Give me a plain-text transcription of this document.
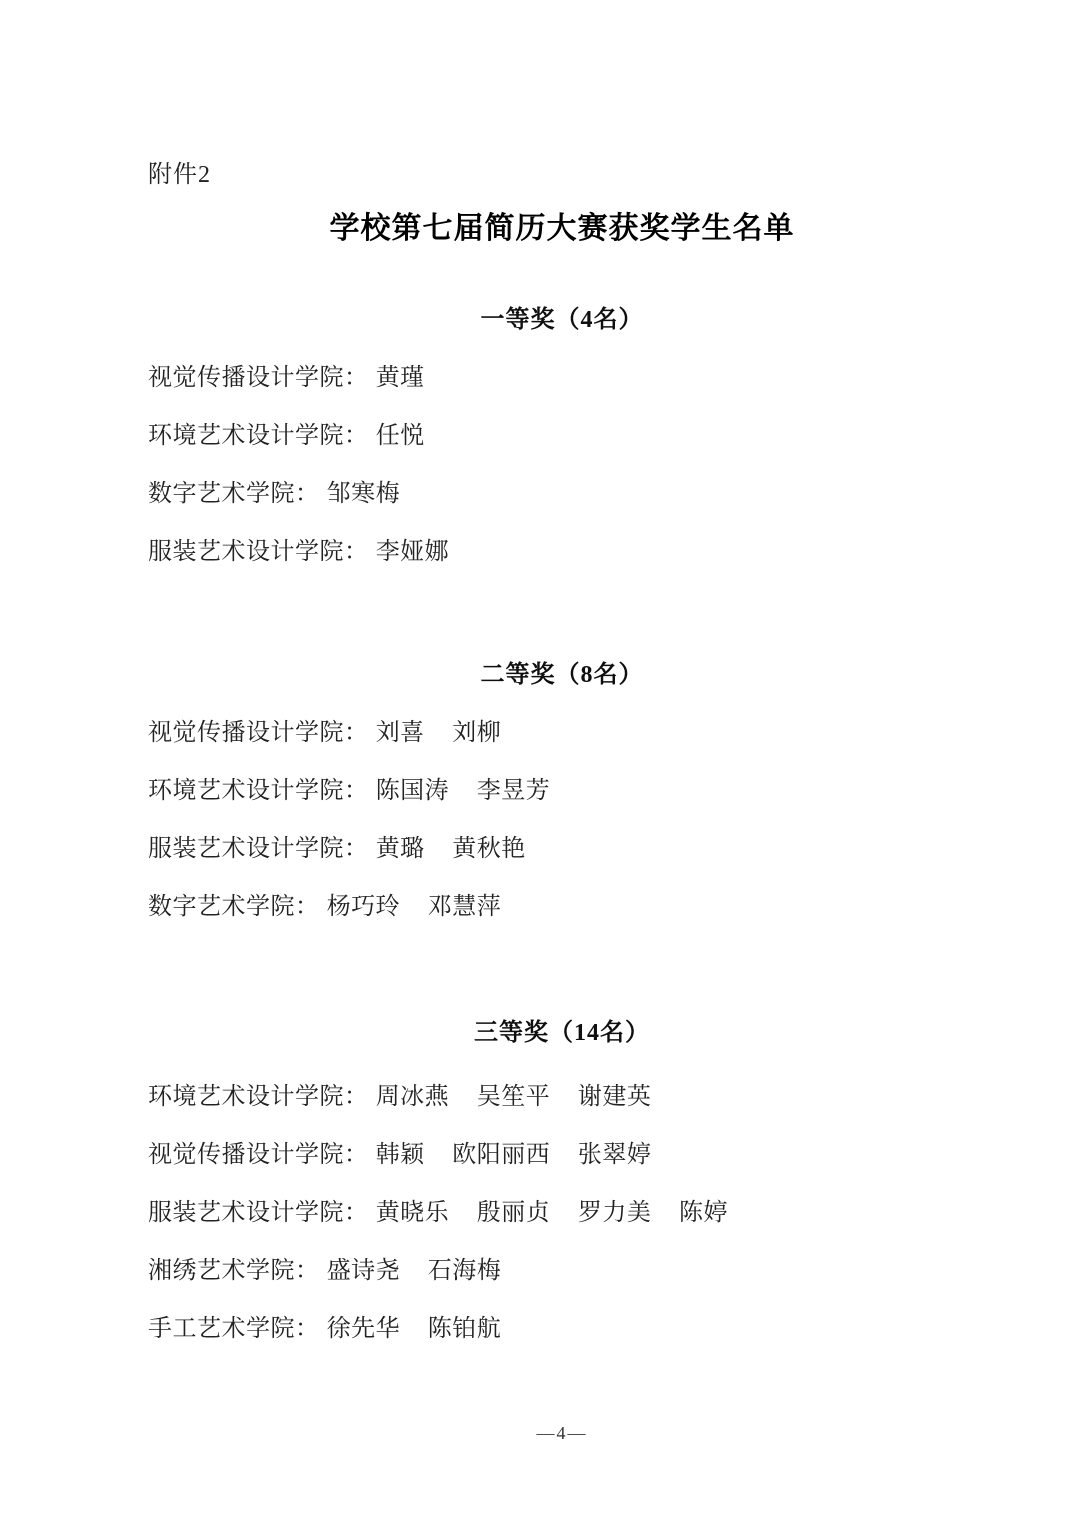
附件2
学校第七届简历大赛获奖学生名单
一等奖（4名）
视觉传播设计学院： 黄瑾
环境艺术设计学院： 任悦
数字艺术学院： 邹寒梅
服装艺术设计学院： 李娅娜
二等奖（8名）
视觉传播设计学院： 刘喜 刘柳
环境艺术设计学院： 陈国涛 李昱芳
服装艺术设计学院： 黄璐 黄秋艳
数字艺术学院： 杨巧玲 邓慧萍
三等奖（14名）
环境艺术设计学院： 周冰燕 吴笙平 谢建英
视觉传播设计学院： 韩颖 欧阳丽西 张翠婷
服装艺术设计学院： 黄晓乐 殷丽贞 罗力美 陈婷
湘绣艺术学院： 盛诗尧 石海梅
手工艺术学院： 徐先华 陈铂航
—4—
